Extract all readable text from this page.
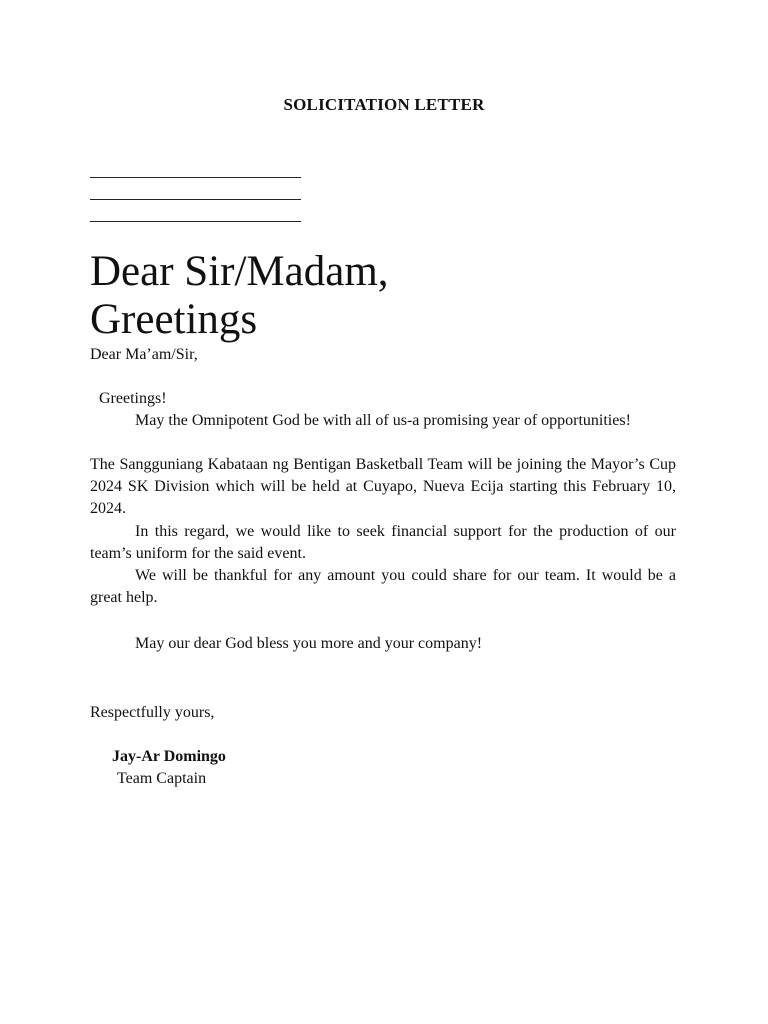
SOLICITATION LETTER
Dear Sir/Madam,
Greetings
Dear Ma’am/Sir,
Greetings!
May the Omnipotent God be with all of us-a promising year of opportunities!
The Sangguniang Kabataan ng Bentigan Basketball Team will be joining the Mayor’s Cup 2024 SK Division which will be held at Cuyapo, Nueva Ecija starting this February 10, 2024.
In this regard, we would like to seek financial support for the production of our team’s uniform for the said event.
We will be thankful for any amount you could share for our team. It would be a great help.
May our dear God bless you more and your company!
Respectfully yours,
Jay-Ar Domingo
Team Captain
